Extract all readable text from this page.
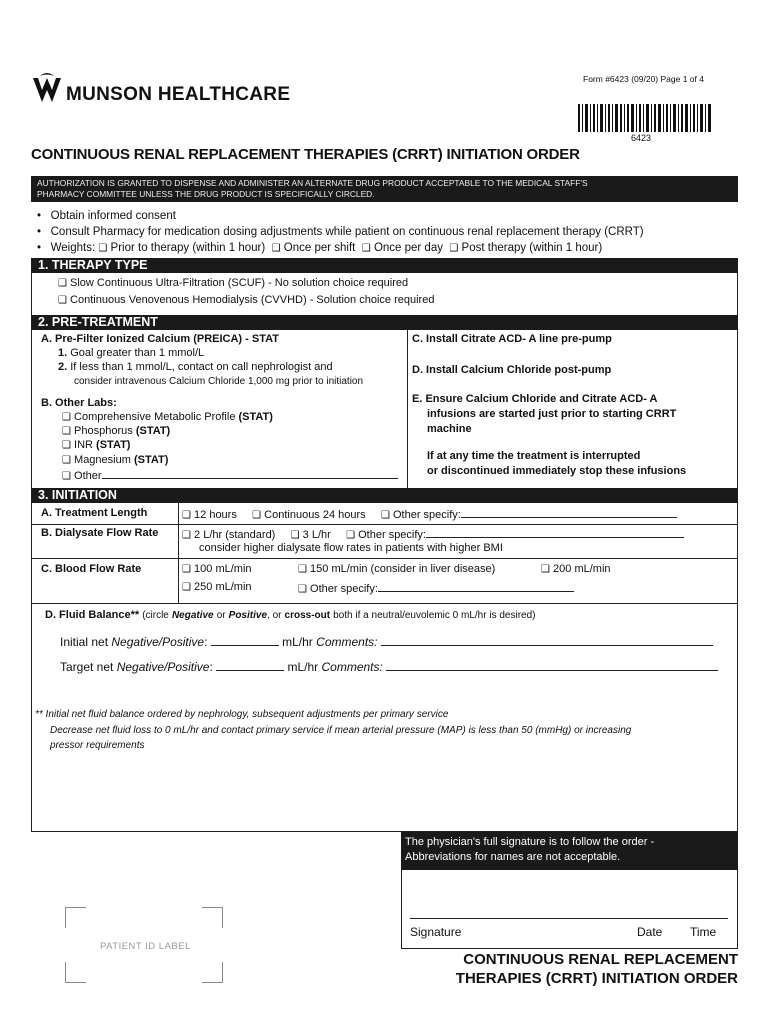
MUNSON HEALTHCARE
Form #6423 (09/20) Page 1 of 4
6423
CONTINUOUS RENAL REPLACEMENT THERAPIES (CRRT) INITIATION ORDER
AUTHORIZATION IS GRANTED TO DISPENSE AND ADMINISTER AN ALTERNATE DRUG PRODUCT ACCEPTABLE TO THE MEDICAL STAFF'S
PHARMACY COMMITTEE UNLESS THE DRUG PRODUCT IS SPECIFICALLY CIRCLED.
•   Obtain informed consent
•   Consult Pharmacy for medication dosing adjustments while patient on continuous renal replacement therapy (CRRT)
•   Weights: ❑ Prior to therapy (within 1 hour) ❑ Once per shift ❑ Once per day ❑ Post therapy (within 1 hour)
1. THERAPY TYPE
❑ Slow Continuous Ultra-Filtration (SCUF) - No solution choice required
❑ Continuous Venovenous Hemodialysis (CVVHD) - Solution choice required
2. PRE-TREATMENT
A. Pre-Filter Ionized Calcium (PREICA) - STAT
1. Goal greater than 1 mmol/L
2. If less than 1 mmol/L, contact on call nephrologist and
consider intravenous Calcium Chloride 1,000 mg prior to initiation
B. Other Labs:
❑ Comprehensive Metabolic Profile (STAT)
❑ Phosphorus (STAT)
❑ INR (STAT)
❑ Magnesium (STAT)
❑ Other
C. Install Citrate ACD- A line pre-pump
D. Install Calcium Chloride post-pump
E. Ensure Calcium Chloride and Citrate ACD- A
infusions are started just prior to starting CRRT
machine
If at any time the treatment is interrupted
or discontinued immediately stop these infusions
3. INITIATION
A. Treatment Length	❑ 12 hours ❑ Continuous 24 hours ❑ Other specify:
B. Dialysate Flow Rate ❑ 2 L/hr (standard) ❑ 3 L/hr ❑ Other specify:
consider higher dialysate flow rates in patients with higher BMI
C. Blood Flow Rate	❑ 100 mL/min	❑ 150 mL/min (consider in liver disease)	❑ 200 mL/min
❑ 250 mL/min	❑ Other specify:
D. Fluid Balance** (circle Negative or Positive, or cross-out both if a neutral/euvolemic 0 mL/hr is desired)
Initial net Negative/Positive:	mL/hr Comments:
Target net Negative/Positive:	mL/hr Comments:
** Initial net fluid balance ordered by nephrology, subsequent adjustments per primary service
Decrease net fluid loss to 0 mL/hr and contact primary service if mean arterial pressure (MAP) is less than 50 (mmHg) or increasing
pressor requirements
The physician's full signature is to follow the order -
Abbreviations for names are not acceptable.
Signature	Date Time
PATIENT ID LABEL
CONTINUOUS RENAL REPLACEMENT
THERAPIES (CRRT) INITIATION ORDER
